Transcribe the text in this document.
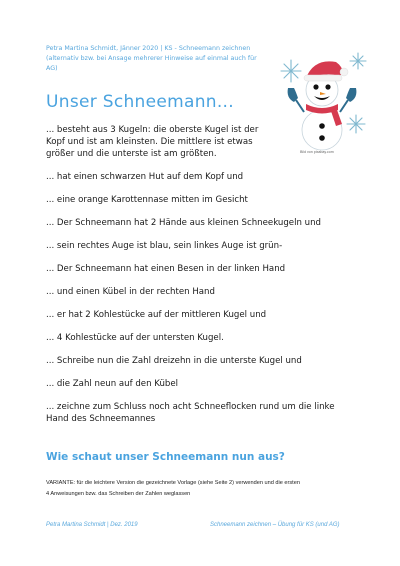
Petra Martina Schmidt, Jänner 2020 | KS - Schneemann zeichnen
(alternativ bzw. bei Ansage mehrerer Hinweise auf einmal auch für
AG)
Unser Schneemann...
... besteht aus 3 Kugeln: die oberste Kugel ist der
Kopf und ist am kleinsten. Die mittlere ist etwas
größer und die unterste ist am größten.
... hat einen schwarzen Hut auf dem Kopf und
... eine orange Karottennase mitten im Gesicht
... Der Schneemann hat 2 Hände aus kleinen Schneekugeln und
... sein rechtes Auge ist blau, sein linkes Auge ist grün-
... Der Schneemann hat einen Besen in der linken Hand
... und einen Kübel in der rechten Hand
... er hat 2 Kohlestücke auf der mittleren Kugel und
... 4 Kohlestücke auf der untersten Kugel.
... Schreibe nun die Zahl dreizehn in die unterste Kugel und
... die Zahl neun auf den Kübel
... zeichne zum Schluss noch acht Schneeflocken rund um die linke
Hand des Schneemannes
Wie schaut unser Schneemann nun aus?
VARIANTE: für die leichtere Version die gezeichnete Vorlage (siehe Seite 2) verwenden und die ersten
4 Anweisungen bzw. das Schreiben der Zahlen weglassen
Petra Martina Schmidt | Dez. 2019	Schneemann zeichnen – Übung für KS (und AG)
Bild von pixabay.com
